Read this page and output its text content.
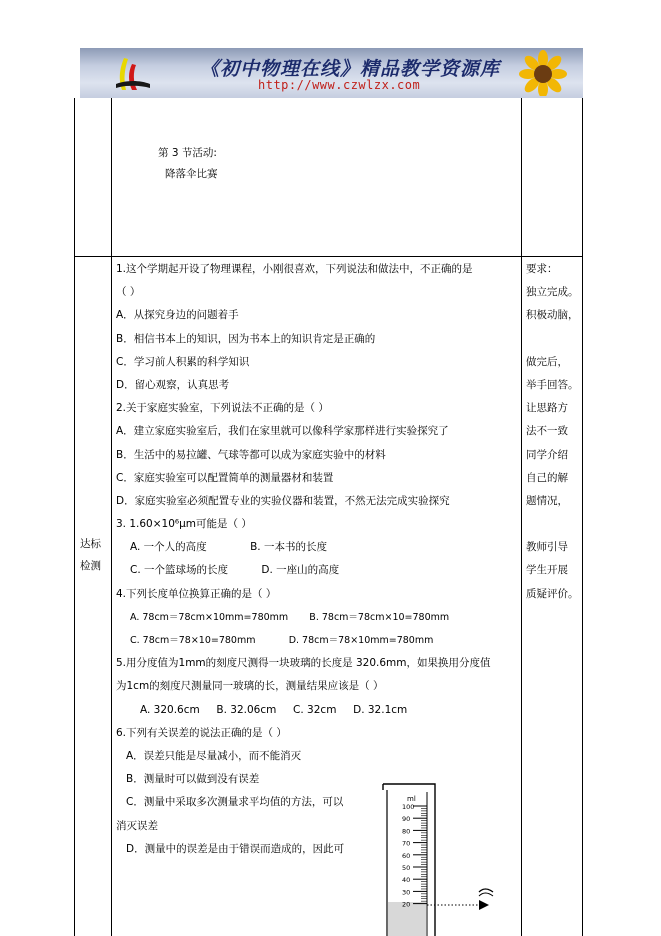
《初中物理在线》精品教学资源库
http://www.czwlzx.com
第 3 节活动:
降落伞比赛
达标
检测
1.这个学期起开设了物理课程，小刚很喜欢，下列说法和做法中，不正确的是
（ ）
A．从探究身边的问题着手
B．相信书本上的知识，因为书本上的知识肯定是正确的
C．学习前人积累的科学知识
D．留心观察，认真思考
2.关于家庭实验室，下列说法不正确的是（ ）
A．建立家庭实验室后，我们在家里就可以像科学家那样进行实验探究了
B．生活中的易拉罐、气球等都可以成为家庭实验中的材料
C．家庭实验室可以配置简单的测量器材和装置
D．家庭实验室必须配置专业的实验仪器和装置，不然无法完成实验探究
3. 1.60×10⁶μm可能是（ ）
A. 一个人的高度             B. 一本书的长度
C. 一个篮球场的长度          D. 一座山的高度
4.下列长度单位换算正确的是（ ）
A. 78cm＝78cm×10mm=780mm       B. 78cm＝78cm×10=780mm
C. 78cm＝78×10=780mm           D. 78cm＝78×10mm=780mm
5.用分度值为1mm的刻度尺测得一块玻璃的长度是 320.6mm，如果换用分度值
为1cm的刻度尺测量同一玻璃的长，测量结果应该是（ ）
A. 320.6cm     B. 32.06cm     C. 32cm     D. 32.1cm
6.下列有关误差的说法正确的是（ ）
A．误差只能是尽量减小，而不能消灭
B．测量时可以做到没有误差
C．测量中采取多次测量求平均值的方法，可以
消灭误差
D．测量中的误差是由于错误而造成的，因此可
要求：
独立完成。
积极动脑，
做完后，
举手回答。
让思路方
法不一致
同学介绍
自己的解
题情况，
教师引导
学生开展
质疑评价。
ml
100
90
80
70
60
50
40
30
20
